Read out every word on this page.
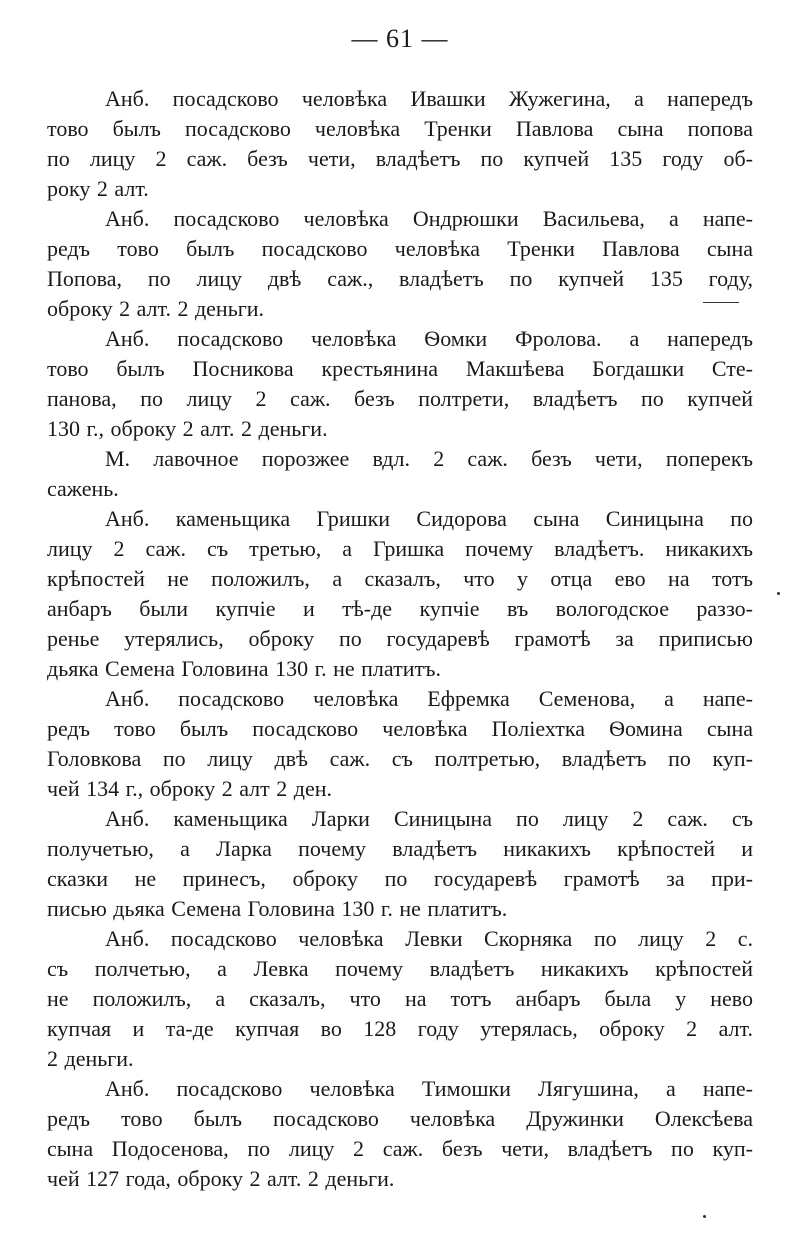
— 61 —
Анб. посадсково человѣка Ивашки Жужегина, а напередъ
тово былъ посадсково человѣка Тренки Павлова сына попова
по лицу 2 саж. безъ чети, владѣетъ по купчей 135 году об-
року 2 алт.
Анб. посадсково человѣка Ондрюшки Васильева, а напе-
редъ тово былъ посадсково человѣка Тренки Павлова сына
Попова, по лицу двѣ саж., владѣетъ по купчей 135 году,
оброку 2 алт. 2 деньги.
Анб. посадсково человѣка Ѳомки Фролова. а напередъ
тово былъ Посникова крестьянина Макшѣева Богдашки Сте-
панова, по лицу 2 саж. безъ полтрети, владѣетъ по купчей
130 г., оброку 2 алт. 2 деньги.
М. лавочное порозжее вдл. 2 саж. безъ чети, поперекъ
сажень.
Анб. каменьщика Гришки Сидорова сына Синицына по
лицу 2 саж. съ третью, а Гришка почему владѣетъ. никакихъ
крѣпостей не положилъ, а сказалъ, что у отца ево на тотъ
анбаръ были купчіе и тѣ-де купчіе въ вологодское раззо-
ренье утерялись, оброку по государевѣ грамотѣ за приписью
дьяка Семена Головина 130 г. не платитъ.
Анб. посадсково человѣка Ефремка Семенова, а напе-
редъ тово былъ посадсково человѣка Поліехтка Ѳомина сына
Головкова по лицу двѣ саж. съ полтретью, владѣетъ по куп-
чей 134 г., оброку 2 алт 2 ден.
Анб. каменьщика Ларки Синицына по лицу 2 саж. съ
получетью, а Ларка почему владѣетъ никакихъ крѣпостей и
сказки не принесъ, оброку по государевѣ грамотѣ за при-
писью дьяка Семена Головина 130 г. не платитъ.
Анб. посадсково человѣка Левки Скорняка по лицу 2 с.
съ полчетью, а Левка почему владѣетъ никакихъ крѣпостей
не положилъ, а сказалъ, что на тотъ анбаръ была у нево
купчая и та-де купчая во 128 году утерялась, оброку 2 алт.
2 деньги.
Анб. посадсково человѣка Тимошки Лягушина, а напе-
редъ тово былъ посадсково человѣка Дружинки Олексѣева
сына Подосенова, по лицу 2 саж. безъ чети, владѣетъ по куп-
чей 127 года, оброку 2 алт. 2 деньги.
